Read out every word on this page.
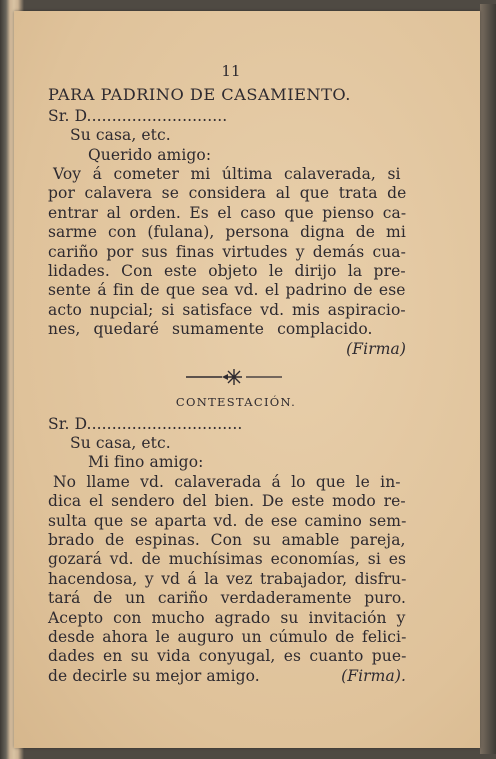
11
PARA PADRINO DE CASAMIENTO.
Sr. D............................
Su casa, etc.
Querido amigo:
Voy á cometer mi última calaverada, si
por calavera se considera al que trata de
entrar al orden. Es el caso que pienso ca-
sarme con (fulana), persona digna de mi
cariño por sus finas virtudes y demás cua-
lidades. Con este objeto le dirijo la pre-
sente á fin de que sea vd. el padrino de ese
acto nupcial; si satisface vd. mis aspiracio-
nes, quedaré sumamente complacido.
(Firma)
CONTESTACIÓN.
Sr. D...............................
Su casa, etc.
Mi fino amigo:
No llame vd. calaverada á lo que le in-
dica el sendero del bien. De este modo re-
sulta que se aparta vd. de ese camino sem-
brado de espinas. Con su amable pareja,
gozará vd. de muchísimas economías, si es
hacendosa, y vd á la vez trabajador, disfru-
tará de un cariño verdaderamente puro.
Acepto con mucho agrado su invitación y
desde ahora le auguro un cúmulo de felici-
dades en su vida conyugal, es cuanto pue-
de decirle su mejor amigo.	(Firma).
